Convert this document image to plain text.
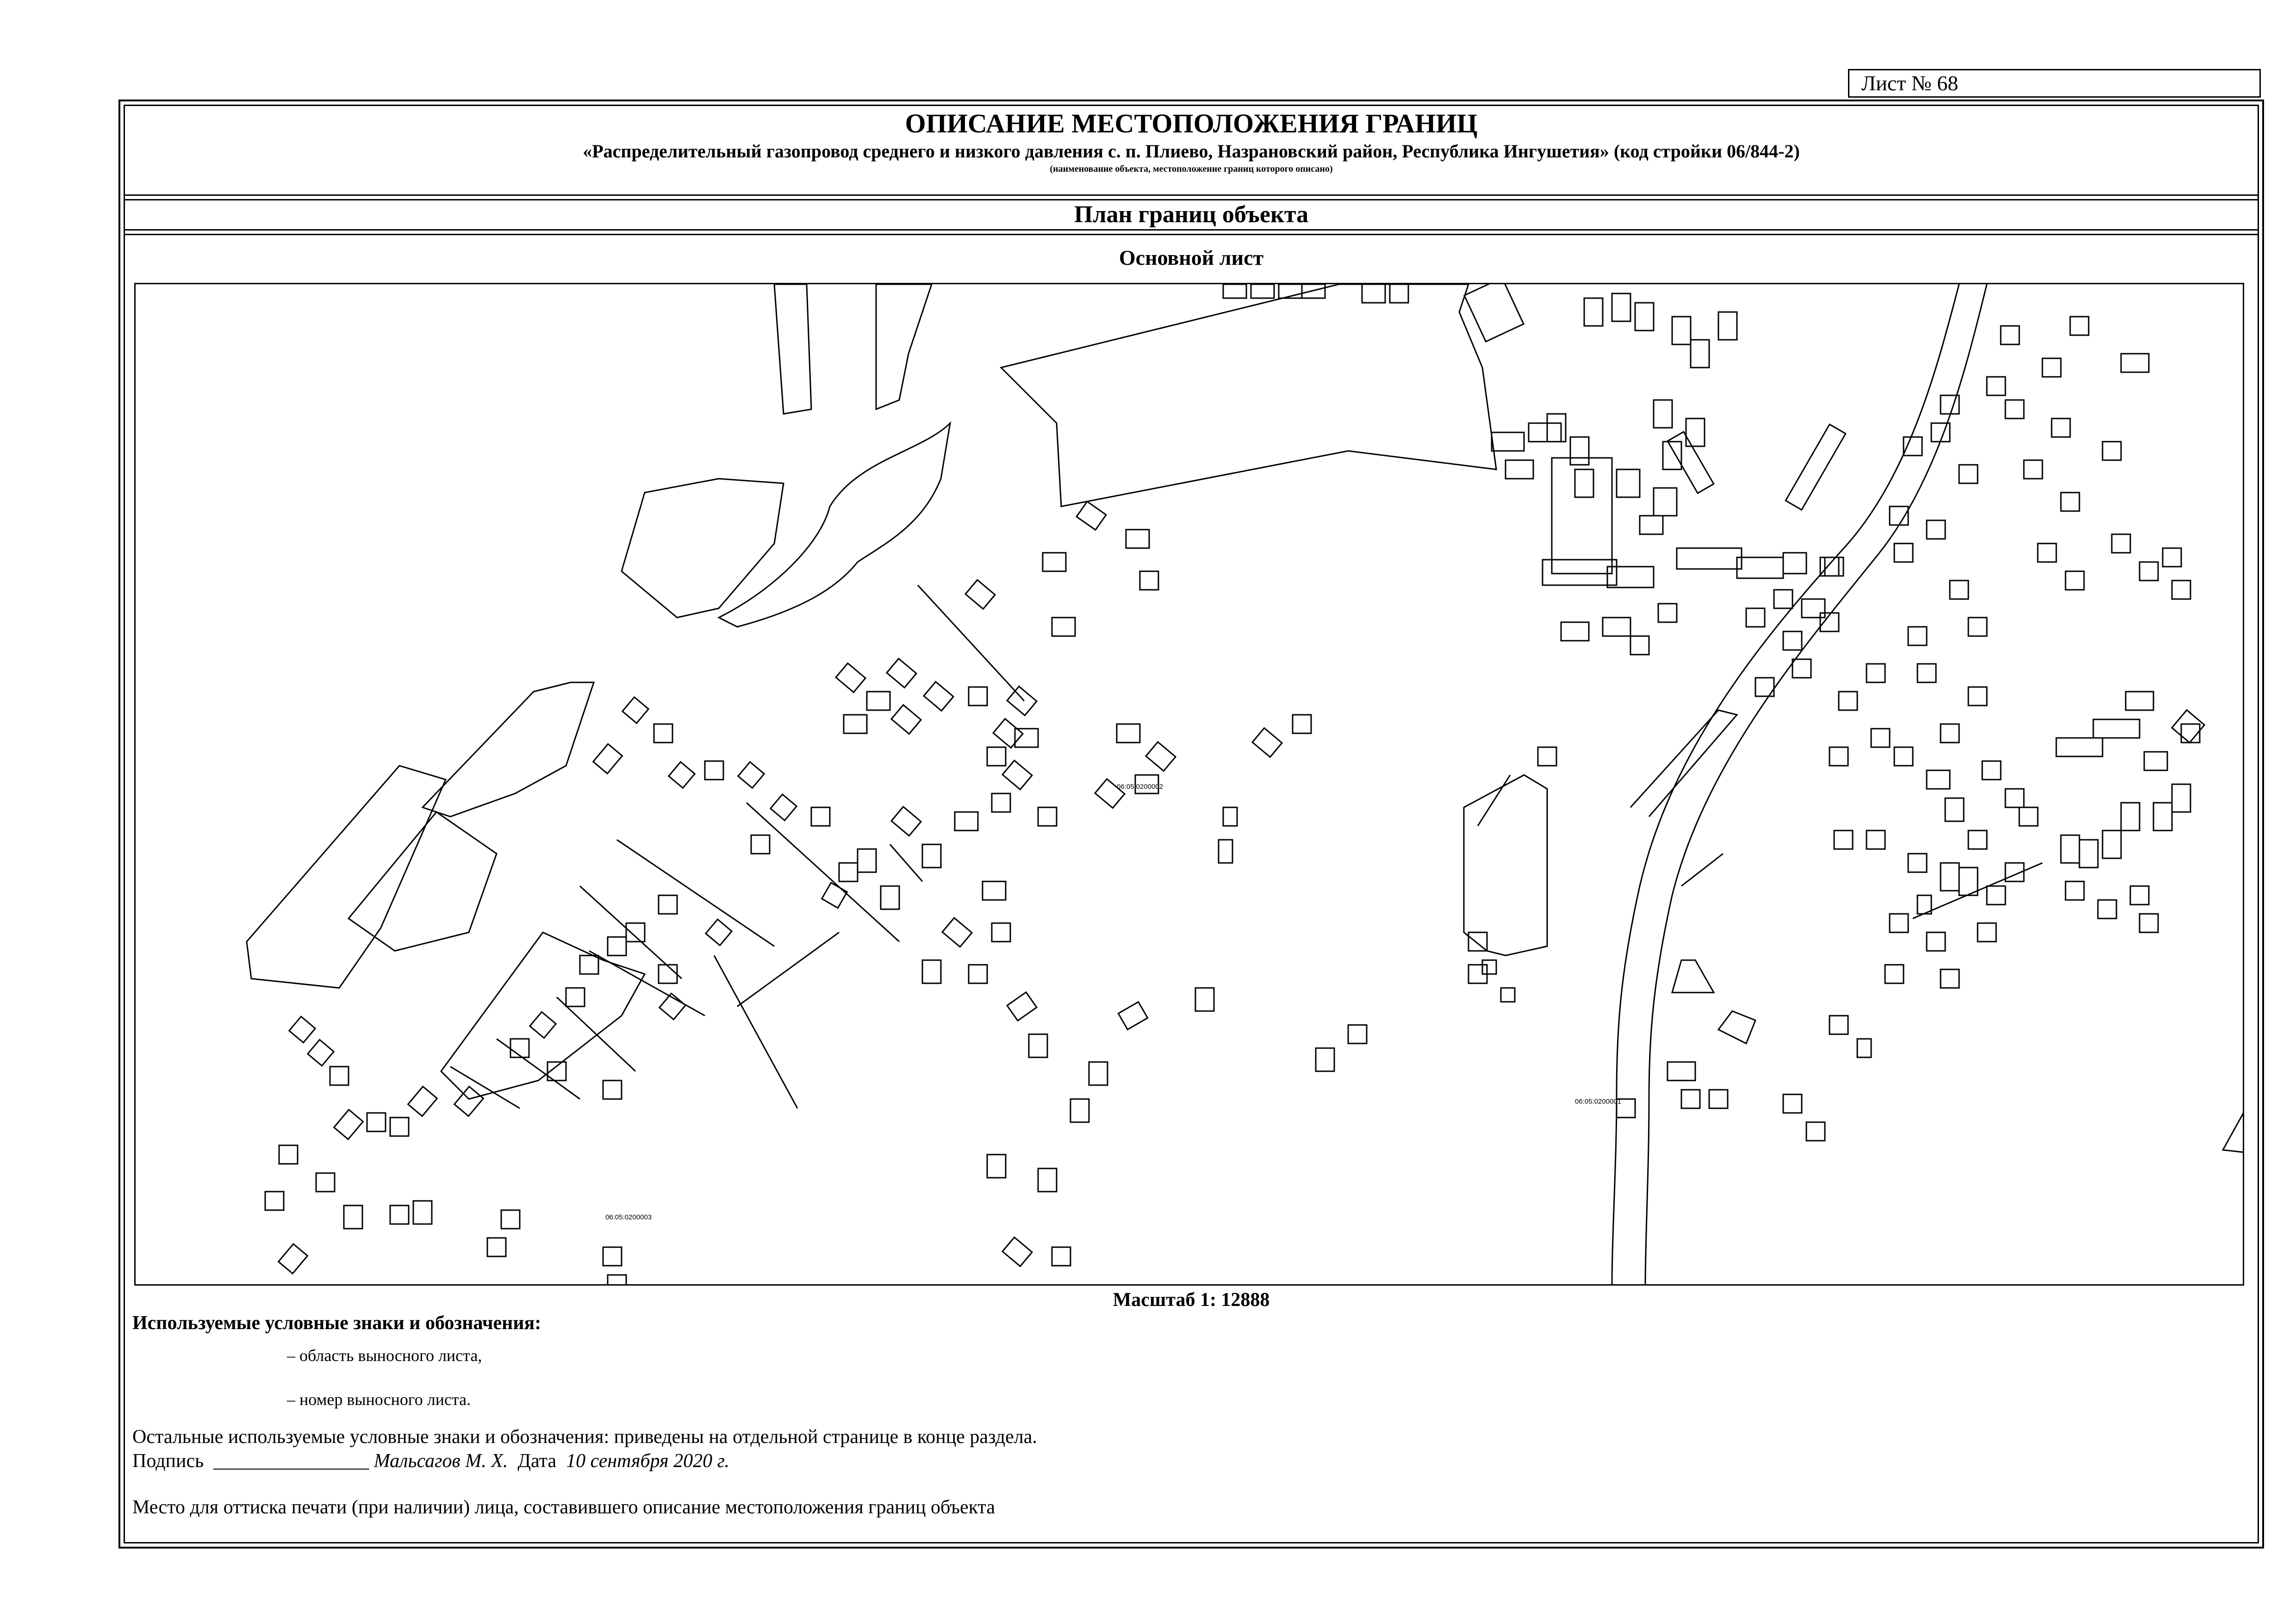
Лист № 68
ОПИСАНИЕ МЕСТОПОЛОЖЕНИЯ ГРАНИЦ
«Распределительный газопровод среднего и низкого давления с. п. Плиево, Назрановский район, Республика Ингушетия» (код стройки 06/844-2)
(наименование объекта, местоположение границ которого описано)
План границ объекта
Основной лист
06:05:0200002
06:05:0200001
06:05:0200003
Масштаб 1: 12888
Используемые условные знаки и обозначения:
– область выносного листа,
– номер выносного листа.
Остальные используемые условные знаки и обозначения: приведены на отдельной странице в конце раздела.
Подпись ________________ Мальсагов М. Х. Дата 10 сентября 2020 г.
Место для оттиска печати (при наличии) лица, составившего описание местоположения границ объекта
